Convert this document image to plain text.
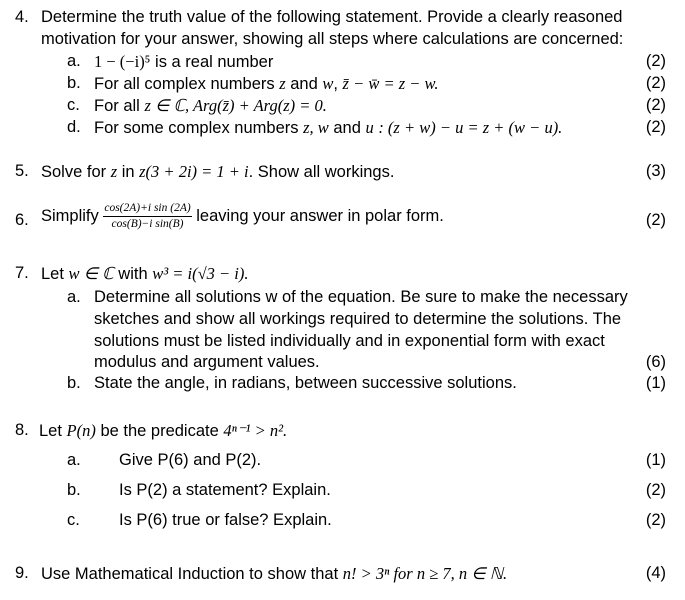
4. Determine the truth value of the following statement. Provide a clearly reasoned
motivation for your answer, showing all steps where calculations are concerned:
a. 1 − (−i)⁵ is a real number	(2)
b. For all complex numbers z and w, z̄ − w̄ = z − w.	(2)
c. For all z ∈ ℂ, Arg(z̄) + Arg(z) = 0.	(2)
d. For some complex numbers z, w and u : (z + w) − u = z + (w − u).	(2)
5. Solve for z in z(3 + 2i) = 1 + i. Show all workings.	(3)
6. Simplify $\frac{\text{cos(2A)+i sin (2A)}}{\text{cos(B)−i sin(B)}}$ leaving your answer in polar form.	(2)
7. Let w ∈ ℂ with w³ = i(√3 − i).
a. Determine all solutions w of the equation. Be sure to make the necessary
sketches and show all workings required to determine the solutions. The
solutions must be listed individually and in exponential form with exact
modulus and argument values.	(6)
b. State the angle, in radians, between successive solutions.	(1)
8. Let P(n) be the predicate 4ⁿ⁻¹ > n².
a. Give P(6) and P(2).	(1)
b. Is P(2) a statement? Explain.	(2)
c. Is P(6) true or false? Explain.	(2)
9. Use Mathematical Induction to show that n! > 3ⁿ for n ≥ 7, n ∈ ℕ.	(4)
